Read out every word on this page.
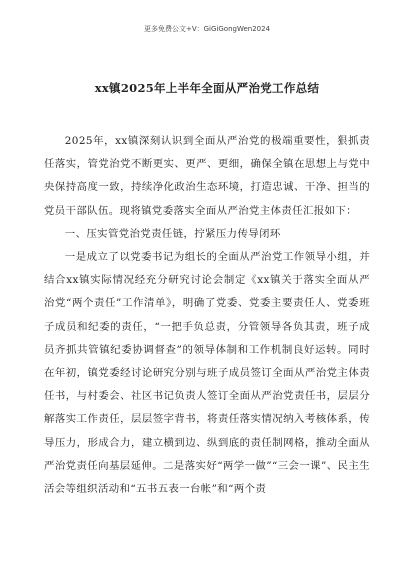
更多免费公文+V：GiGiGongWen2024
xx镇2025年上半年全面从严治党工作总结

2025年，xx镇深刻认识到全面从严治党的极端重要性，狠抓责任落实，管党治党不断更实、更严、更细，确保全镇在思想上与党中央保持高度一致，持续净化政治生态环境，打造忠诚、干净、担当的党员干部队伍。现将镇党委落实全面从严治党主体责任汇报如下：

一、压实管党治党责任链，拧紧压力传导闭环

一是成立了以党委书记为组长的全面从严治党工作领导小组，并结合xx镇实际情况经充分研究讨论会制定《xx镇关于落实全面从严治党“两个责任”工作清单》，明确了党委、党委主要责任人、党委班子成员和纪委的责任，“一把手负总责，分管领导各负其责，班子成员齐抓共管镇纪委协调督查”的领导体制和工作机制良好运转。同时在年初，镇党委经讨论研究分别与班子成员签订全面从严治党主体责任书，与村委会、社区书记负责人签订全面从严治党责任书，层层分解落实工作责任，层层签字背书，将责任落实情况纳入考核体系，传导压力，形成合力，建立横到边、纵到底的责任制网格，推动全面从严治党责任向基层延伸。二是落实好“两学一做”“三会一课”、民主生活会等组织活动和“五书五表一台帐”和“两个责
